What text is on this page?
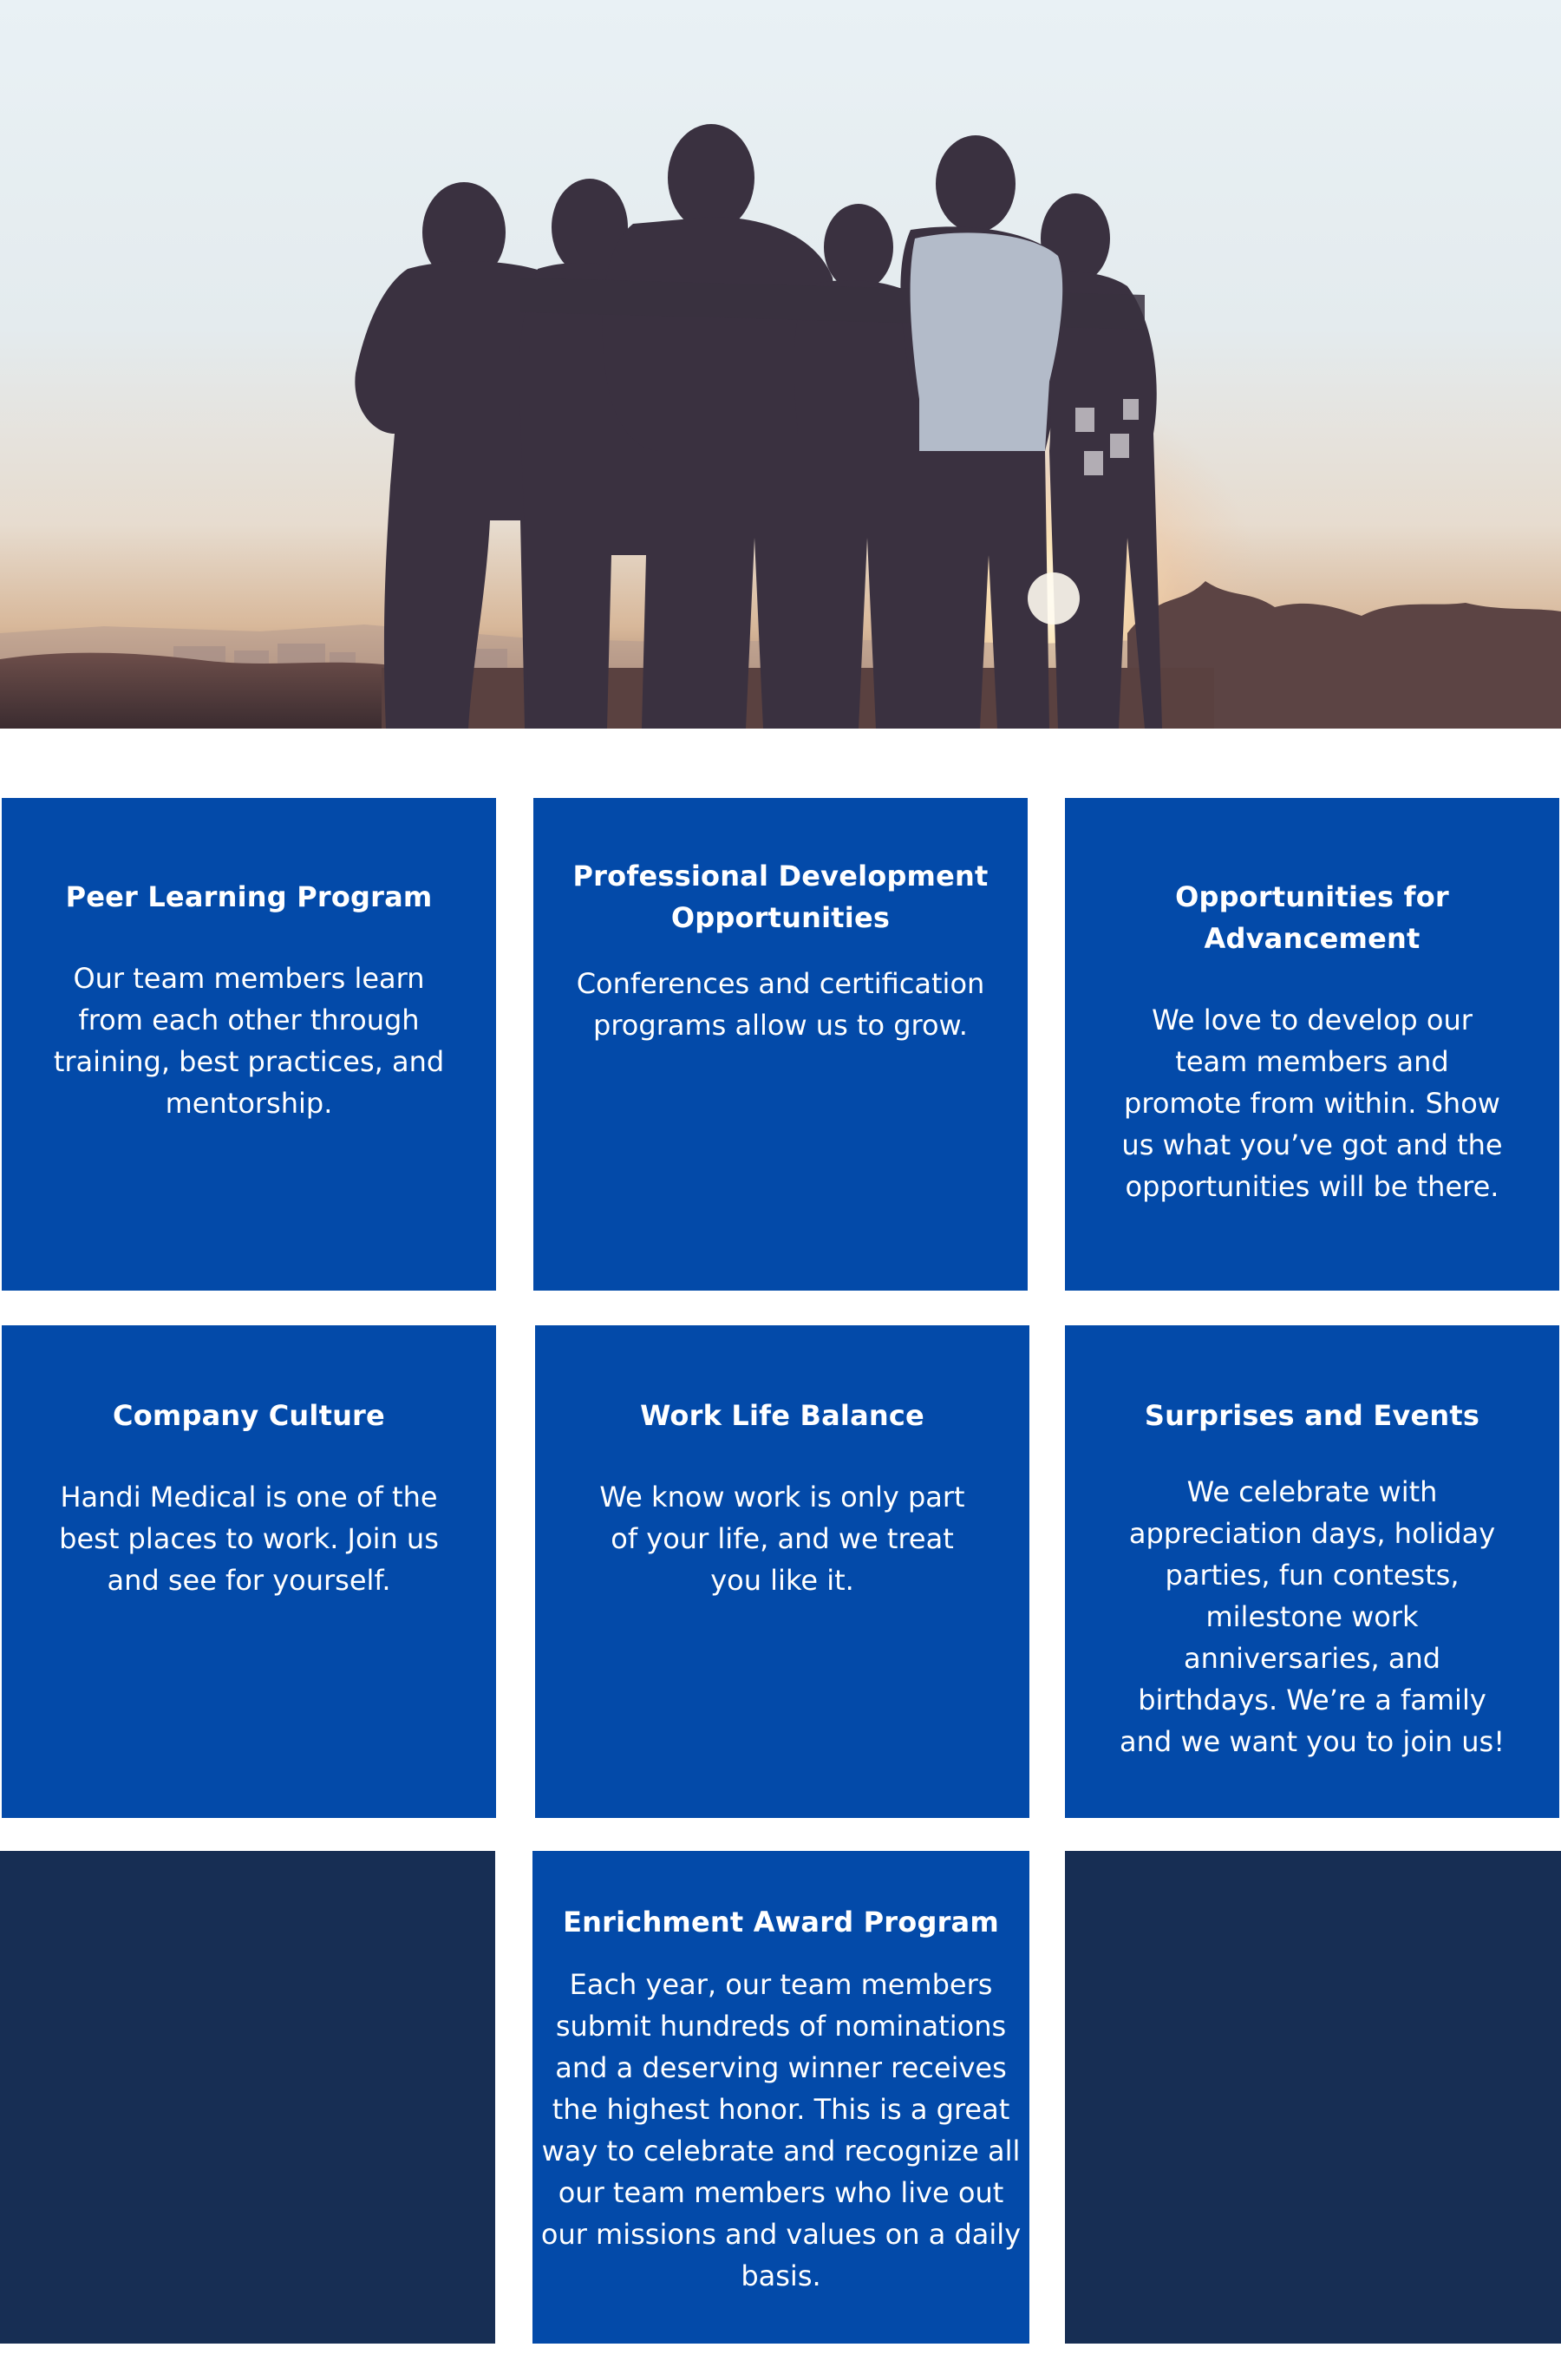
Peer Learning Program
Our team members learn from each other through training, best practices, and mentorship.
Professional Development Opportunities
Conferences and certification programs allow us to grow.
Opportunities for Advancement
We love to develop our team members and promote from within. Show us what you’ve got and the opportunities will be there.
Company Culture
Handi Medical is one of the best places to work. Join us and see for yourself.
Work Life Balance
We know work is only part of your life, and we treat you like it.
Surprises and Events
We celebrate with appreciation days, holiday parties, fun contests, milestone work anniversaries, and birthdays. We’re a family and we want you to join us!
Enrichment Award Program
Each year, our team members submit hundreds of nominations and a deserving winner receives the highest honor. This is a great way to celebrate and recognize all our team members who live out our missions and values on a daily basis.
